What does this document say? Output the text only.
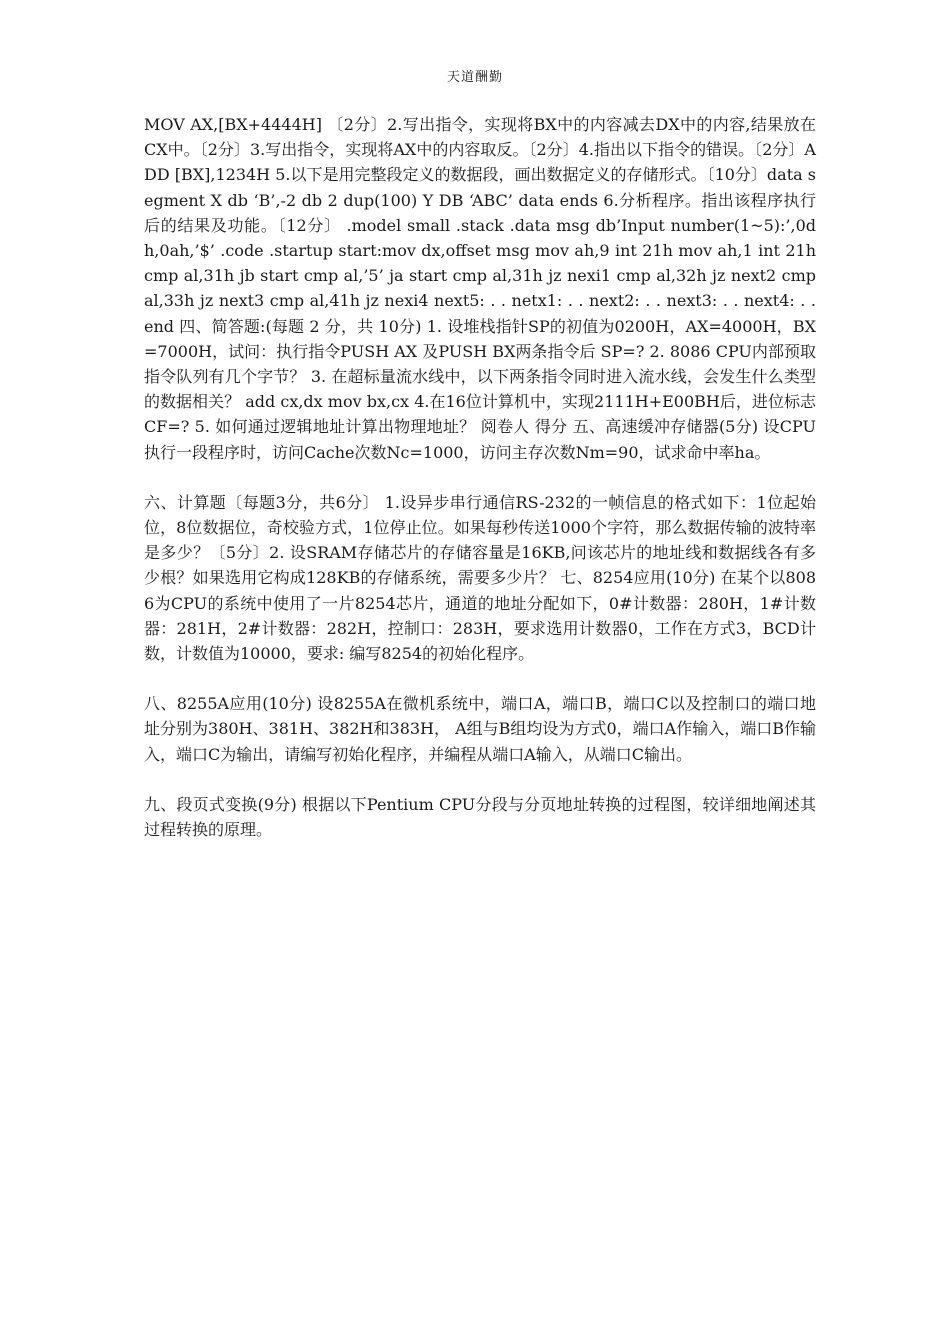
天道酬勤

MOV AX,[BX+4444H] 〔2分〕2.写出指令，实现将BX中的内容减去DX中的内容,结果放在CX中。〔2分〕3.写出指令，实现将AX中的内容取反。〔2分〕4.指出以下指令的错误。〔2分〕ADD [BX],1234H 5.以下是用完整段定义的数据段，画出数据定义的存储形式。〔10分〕data segment X db ‘B’,-2 db 2 dup(100) Y DB ‘ABC’ data ends 6.分析程序。指出该程序执行后的结果及功能。〔12分〕 .model small .stack .data msg db’Input number(1~5):’,0dh,0ah,’$’ .code .startup start:mov dx,offset msg mov ah,9 int 21h mov ah,1 int 21h cmp al,31h jb start cmp al,’5’ ja start cmp al,31h jz nexi1 cmp al,32h jz next2 cmp al,33h jz next3 cmp al,41h jz nexi4 next5: . . netx1: . . next2: . . next3: . . next4: . . end 四、简答题:(每题 2 分，共 10分) 1. 设堆栈指针SP的初值为0200H，AX=4000H，BX=7000H，试问：执行指令PUSH AX 及PUSH BX两条指令后 SP=? 2. 8086 CPU内部预取指令队列有几个字节？ 3. 在超标量流水线中，以下两条指令同时进入流水线，会发生什么类型的数据相关？ add cx,dx mov bx,cx 4.在16位计算机中，实现2111H+E00BH后，进位标志CF=? 5. 如何通过逻辑地址计算出物理地址？ 阅卷人 得分 五、高速缓冲存储器(5分) 设CPU执行一段程序时，访问Cache次数Nc=1000，访问主存次数Nm=90，试求命中率ha。

六、计算题〔每题3分，共6分〕 1.设异步串行通信RS-232的一帧信息的格式如下：1位起始位，8位数据位，奇校验方式，1位停止位。如果每秒传送1000个字符，那么数据传输的波特率是多少？〔5分〕2. 设SRAM存储芯片的存储容量是16KB,问该芯片的地址线和数据线各有多少根？如果选用它构成128KB的存储系统，需要多少片？ 七、8254应用(10分) 在某个以8086为CPU的系统中使用了一片8254芯片，通道的地址分配如下，0#计数器：280H，1#计数器：281H，2#计数器：282H，控制口：283H，要求选用计数器0，工作在方式3，BCD计数，计数值为10000，要求: 编写8254的初始化程序。

八、8255A应用(10分) 设8255A在微机系统中，端口A，端口B，端口C以及控制口的端口地址分别为380H、381H、382H和383H， A组与B组均设为方式0，端口A作输入，端口B作输入，端口C为输出，请编写初始化程序，并编程从端口A输入，从端口C输出。

九、段页式变换(9分) 根据以下Pentium CPU分段与分页地址转换的过程图，较详细地阐述其过程转换的原理。
